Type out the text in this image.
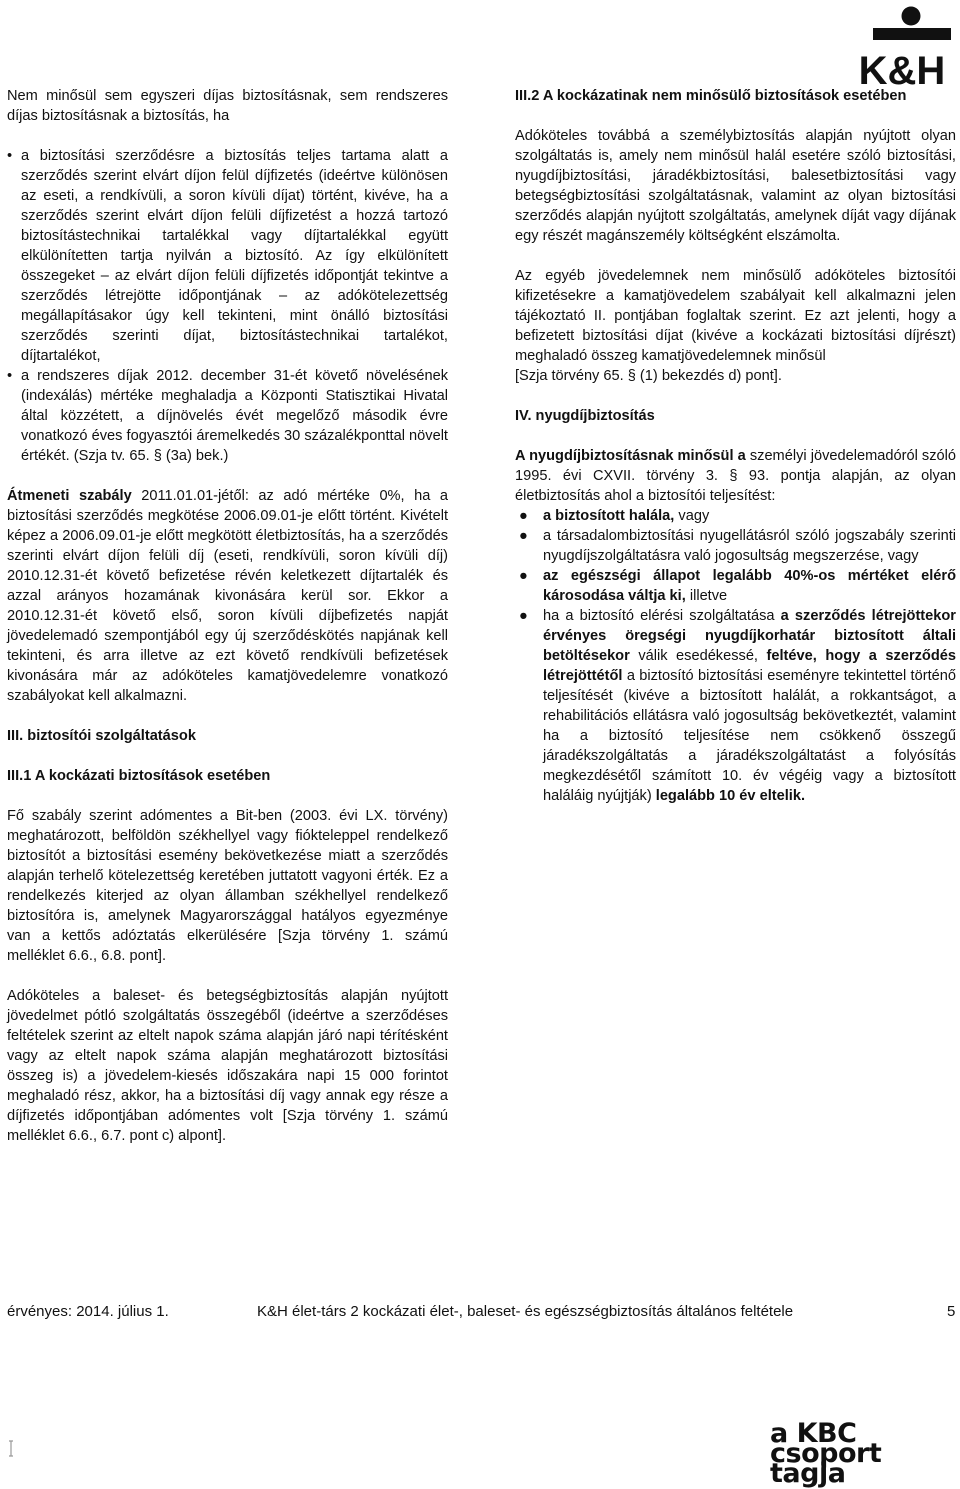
K&H

Nem minősül sem egyszeri díjas biztosításnak, sem rendszeres díjas biztosításnak a biztosítás, ha

• a biztosítási szerződésre a biztosítás teljes tartama alatt a szerződés szerint elvárt díjon felül díjfizetés (ideértve különösen az eseti, a rendkívüli, a soron kívüli díjat) történt, kivéve, ha a szerződés szerint elvárt díjon felüli díjfizetést a hozzá tartozó biztosítástechnikai tartalékkal vagy díjtartalékkal együtt elkülönítetten tartja nyilván a biztosító. Az így elkülönített összegeket – az elvárt díjon felüli díjfizetés időpontját tekintve a szerződés létrejötte időpontjának – az adókötelezettség megállapításakor úgy kell tekinteni, mint önálló biztosítási szerződés szerinti díjat, biztosítástechnikai tartalékot, díjtartalékot,
• a rendszeres díjak 2012. december 31-ét követő növelésének (indexálás) mértéke meghaladja a Központi Statisztikai Hivatal által közzétett, a díjnövelés évét megelőző második évre vonatkozó éves fogyasztói áremelkedés 30 százalékponttal növelt értékét. (Szja tv. 65. § (3a) bek.)

Átmeneti szabály 2011.01.01-jétől: az adó mértéke 0%, ha a biztosítási szerződés megkötése 2006.09.01-je előtt történt. Kivételt képez a 2006.09.01-je előtt megkötött életbiztosítás, ha a szerződés szerinti elvárt díjon felüli díj (eseti, rendkívüli, soron kívüli díj) 2010.12.31-ét követő befizetése révén keletkezett díjtartalék és azzal arányos hozamának kivonására kerül sor. Ekkor a 2010.12.31-ét követő első, soron kívüli díjbefizetés napját jövedelemadó szempontjából egy új szerződéskötés napjának kell tekinteni, és arra illetve az ezt követő rendkívüli befizetések kivonására már az adóköteles kamatjövedelemre vonatkozó szabályokat kell alkalmazni.

III. biztosítói szolgáltatások

III.1 A kockázati biztosítások esetében

Fő szabály szerint adómentes a Bit-ben (2003. évi LX. törvény) meghatározott, belföldön székhellyel vagy fiókteleppel rendelkező biztosítót a biztosítási esemény bekövetkezése miatt a szerződés alapján terhelő kötelezettség keretében juttatott vagyoni érték. Ez a rendelkezés kiterjed az olyan államban székhellyel rendelkező biztosítóra is, amelynek Magyarországgal hatályos egyezménye van a kettős adóztatás elkerülésére [Szja törvény 1. számú melléklet 6.6., 6.8. pont].

Adóköteles a baleset- és betegségbiztosítás alapján nyújtott jövedelmet pótló szolgáltatás összegéből (ideértve a szerződéses feltételek szerint az eltelt napok száma alapján járó napi térítésként vagy az eltelt napok száma alapján meghatározott biztosítási összeg is) a jövedelem-kiesés időszakára napi 15 000 forintot meghaladó rész, akkor, ha a biztosítási díj vagy annak egy része a díjfizetés időpontjában adómentes volt [Szja törvény 1. számú melléklet 6.6., 6.7. pont c) alpont].

III.2 A kockázatinak nem minősülő biztosítások esetében

Adóköteles továbbá a személybiztosítás alapján nyújtott olyan szolgáltatás is, amely nem minősül halál esetére szóló biztosítási, nyugdíjbiztosítási, járadékbiztosítási, balesetbiztosítási vagy betegségbiztosítási szolgáltatásnak, valamint az olyan biztosítási szerződés alapján nyújtott szolgáltatás, amelynek díját vagy díjának egy részét magánszemély költségként elszámolta.

Az egyéb jövedelemnek nem minősülő adóköteles biztosítói kifizetésekre a kamatjövedelem szabályait kell alkalmazni jelen tájékoztató II. pontjában foglaltak szerint. Ez azt jelenti, hogy a befizetett biztosítási díjat (kivéve a kockázati biztosítási díjrészt) meghaladó összeg kamatjövedelemnek minősül

[Szja törvény 65. § (1) bekezdés d) pont].

IV. nyugdíjbiztosítás

A nyugdíjbiztosításnak minősül a személyi jövedelemadóról szóló 1995. évi CXVII. törvény 3. § 93. pontja alapján, az olyan életbiztosítás ahol a biztosítói teljesítést:

● a biztosított halála, vagy
● a társadalombiztosítási nyugellátásról szóló jogszabály szerinti nyugdíjszolgáltatásra való jogosultság megszerzése, vagy
● az egészségi állapot legalább 40%-os mértéket elérő károsodása váltja ki, illetve
● ha a biztosító elérési szolgáltatása a szerződés létrejöttekor érvényes öregségi nyugdíjkorhatár biztosított általi betöltésekor válik esedékessé, feltéve, hogy a szerződés létrejöttétől a biztosító biztosítási eseményre tekintettel történő teljesítését (kivéve a biztosított halálát, a rokkantságot, a rehabilitációs ellátásra való jogosultság bekövetkeztét, valamint ha a biztosító teljesítése nem csökkenő összegű járadékszolgáltatás a járadékszolgáltatást a folyósítás megkezdésétől számított 10. év végéig vagy a biztosított haláláig nyújtják) legalább 10 év eltelik.
érvényes: 2014. július 1.	K&H élet-társ 2 kockázati élet-, baleset- és egészségbiztosítás általános feltétele	5
a KBC csoport tagja
